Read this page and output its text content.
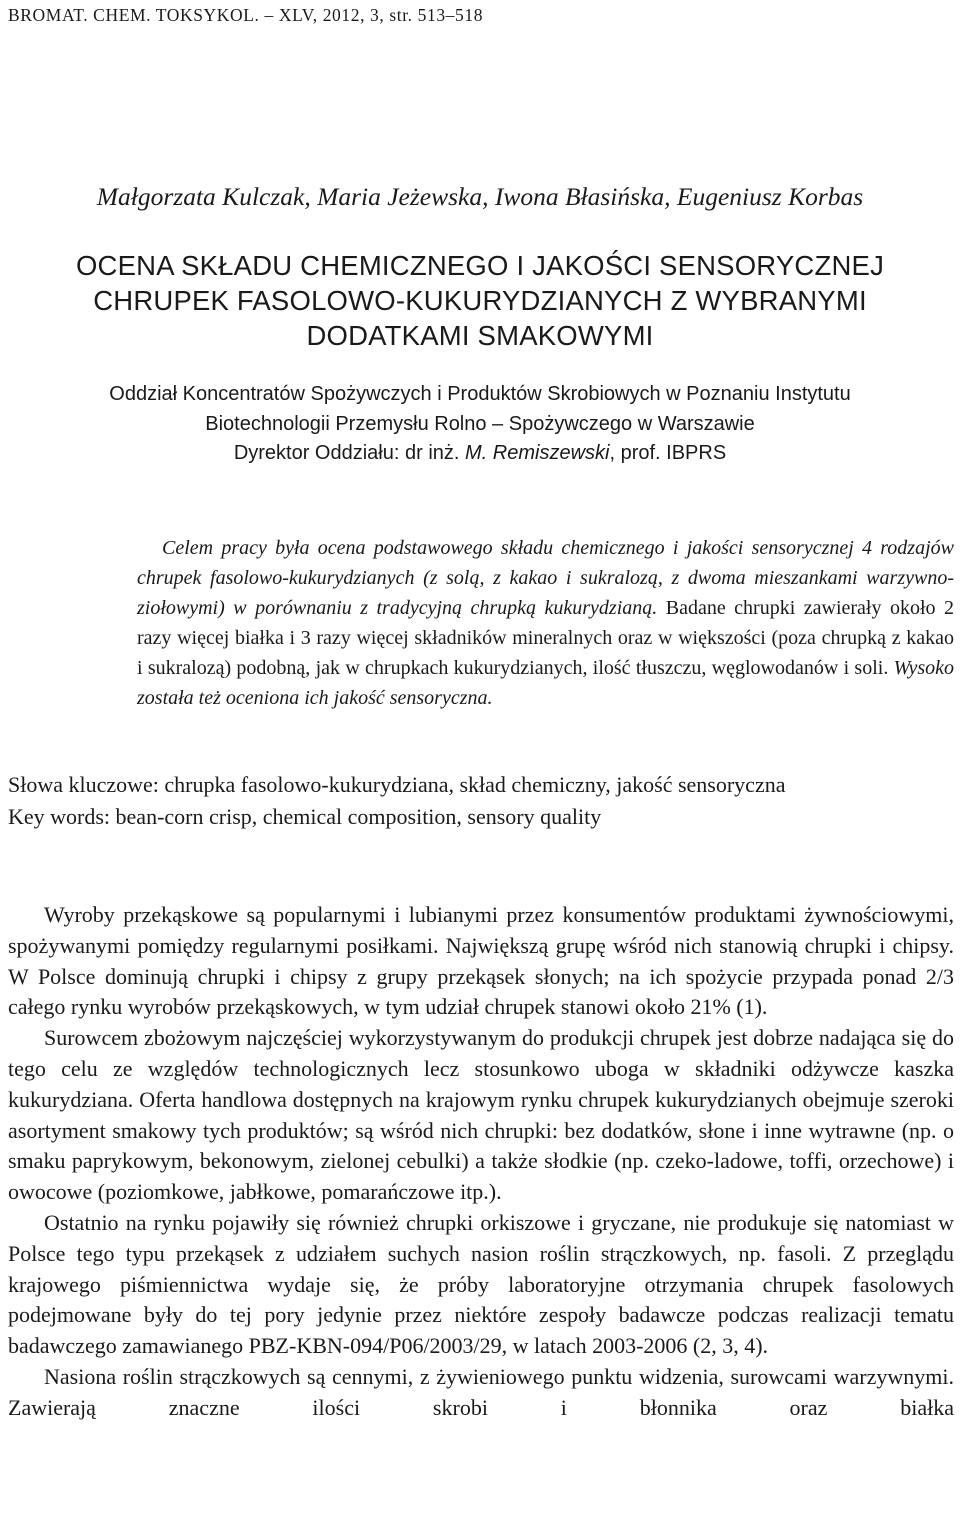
BROMAT. CHEM. TOKSYKOL. – XLV, 2012, 3, str. 513–518
Małgorzata Kulczak, Maria Jeżewska, Iwona Błasińska, Eugeniusz Korbas
OCENA SKŁADU CHEMICZNEGO I JAKOŚCI SENSORYCZNEJ
CHRUPEK FASOLOWO-KUKURYDZIANYCH Z WYBRANYMI
DODATKAMI SMAKOWYMI
Oddział Koncentratów Spożywczych i Produktów Skrobiowych w Poznaniu Instytutu
Biotechnologii Przemysłu Rolno – Spożywczego w Warszawie
Dyrektor Oddziału: dr inż. M. Remiszewski, prof. IBPRS
Celem pracy była ocena podstawowego składu chemicznego i jakości sensorycznej 4 rodzajów chrupek fasolowo-kukurydzianych (z solą, z kakao i sukralozą, z dwoma mieszankami warzywno-ziołowymi) w porównaniu z tradycyjną chrupką kukurydzianą. Badane chrupki zawierały około 2 razy więcej białka i 3 razy więcej składników mineralnych oraz w większości (poza chrupką z kakao i sukralozą) podobną, jak w chrupkach kukurydzianych, ilość tłuszczu, węglowodanów i soli. Wysoko została też oceniona ich jakość sensoryczna.

Słowa kluczowe: chrupka fasolowo-kukurydziana, skład chemiczny, jakość sensoryczna

Key words: bean-corn crisp, chemical composition, sensory quality

Wyroby przekąskowe są popularnymi i lubianymi przez konsumentów produktami żywnościowymi, spożywanymi pomiędzy regularnymi posiłkami. Największą grupę wśród nich stanowią chrupki i chipsy. W Polsce dominują chrupki i chipsy z grupy przekąsek słonych; na ich spożycie przypada ponad 2/3 całego rynku wyrobów przekąskowych, w tym udział chrupek stanowi około 21% (1).

Surowcem zbożowym najczęściej wykorzystywanym do produkcji chrupek jest dobrze nadająca się do tego celu ze względów technologicznych lecz stosunkowo uboga w składniki odżywcze kaszka kukurydziana. Oferta handlowa dostępnych na krajowym rynku chrupek kukurydzianych obejmuje szeroki asortyment smakowy tych produktów; są wśród nich chrupki: bez dodatków, słone i inne wytrawne (np. o smaku paprykowym, bekonowym, zielonej cebulki) a także słodkie (np. czeko-ladowe, toffi, orzechowe) i owocowe (poziomkowe, jabłkowe, pomarańczowe itp.).

Ostatnio na rynku pojawiły się również chrupki orkiszowe i gryczane, nie produkuje się natomiast w Polsce tego typu przekąsek z udziałem suchych nasion roślin strączkowych, np. fasoli. Z przeglądu krajowego piśmiennictwa wydaje się, że próby laboratoryjne otrzymania chrupek fasolowych podejmowane były do tej pory jedynie przez niektóre zespoły badawcze podczas realizacji tematu badawczego zamawianego PBZ-KBN-094/P06/2003/29, w latach 2003-2006 (2, 3, 4).

Nasiona roślin strączkowych są cennymi, z żywieniowego punktu widzenia, surowcami warzywnymi. Zawierają znaczne ilości skrobi i błonnika oraz białka
